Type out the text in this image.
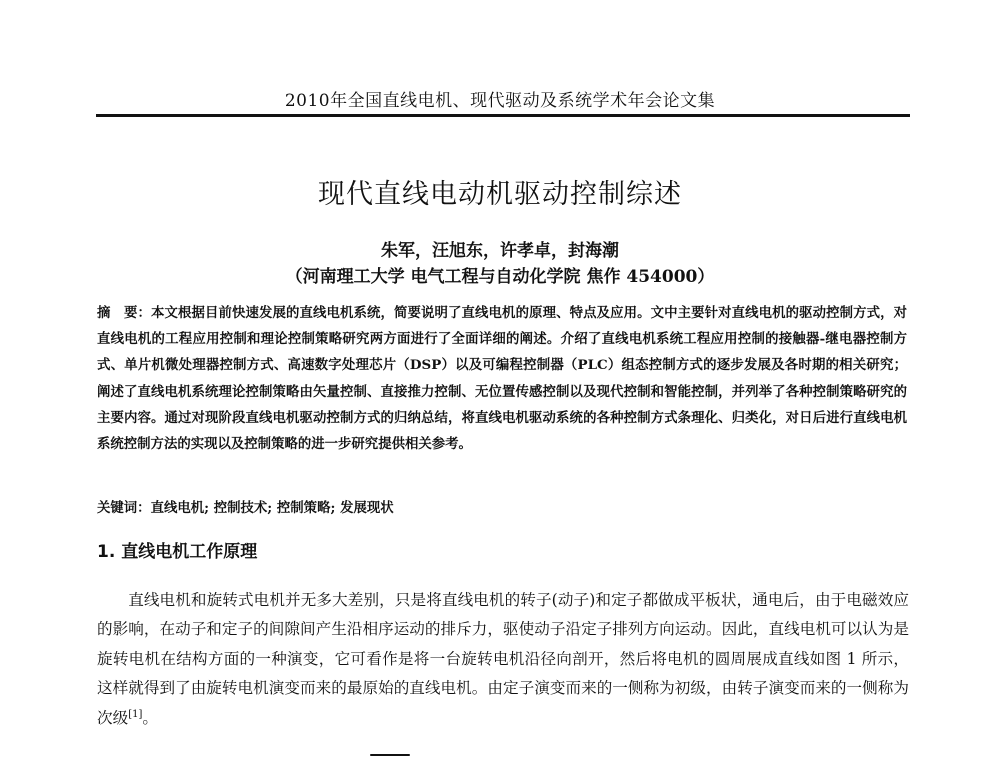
2010年全国直线电机、现代驱动及系统学术年会论文集
现代直线电动机驱动控制综述
朱军，汪旭东，许孝卓，封海潮
（河南理工大学 电气工程与自动化学院 焦作 454000）
摘　要：本文根据目前快速发展的直线电机系统，简要说明了直线电机的原理、特点及应用。文中主要针对直线电机的驱动控制方式，对直线电机的工程应用控制和理论控制策略研究两方面进行了全面详细的阐述。介绍了直线电机系统工程应用控制的接触器-继电器控制方式、单片机微处理器控制方式、高速数字处理芯片（DSP）以及可编程控制器（PLC）组态控制方式的逐步发展及各时期的相关研究；阐述了直线电机系统理论控制策略由矢量控制、直接推力控制、无位置传感控制以及现代控制和智能控制，并列举了各种控制策略研究的主要内容。通过对现阶段直线电机驱动控制方式的归纳总结，将直线电机驱动系统的各种控制方式条理化、归类化，对日后进行直线电机系统控制方法的实现以及控制策略的进一步研究提供相关参考。
关键词：直线电机; 控制技术; 控制策略; 发展现状
1. 直线电机工作原理
直线电机和旋转式电机并无多大差别，只是将直线电机的转子(动子)和定子都做成平板状，通电后，由于电磁效应的影响，在动子和定子的间隙间产生沿相序运动的排斥力，驱使动子沿定子排列方向运动。因此，直线电机可以认为是旋转电机在结构方面的一种演变，它可看作是将一台旋转电机沿径向剖开，然后将电机的圆周展成直线如图 1 所示，这样就得到了由旋转电机演变而来的最原始的直线电机。由定子演变而来的一侧称为初级，由转子演变而来的一侧称为次级[1]。
